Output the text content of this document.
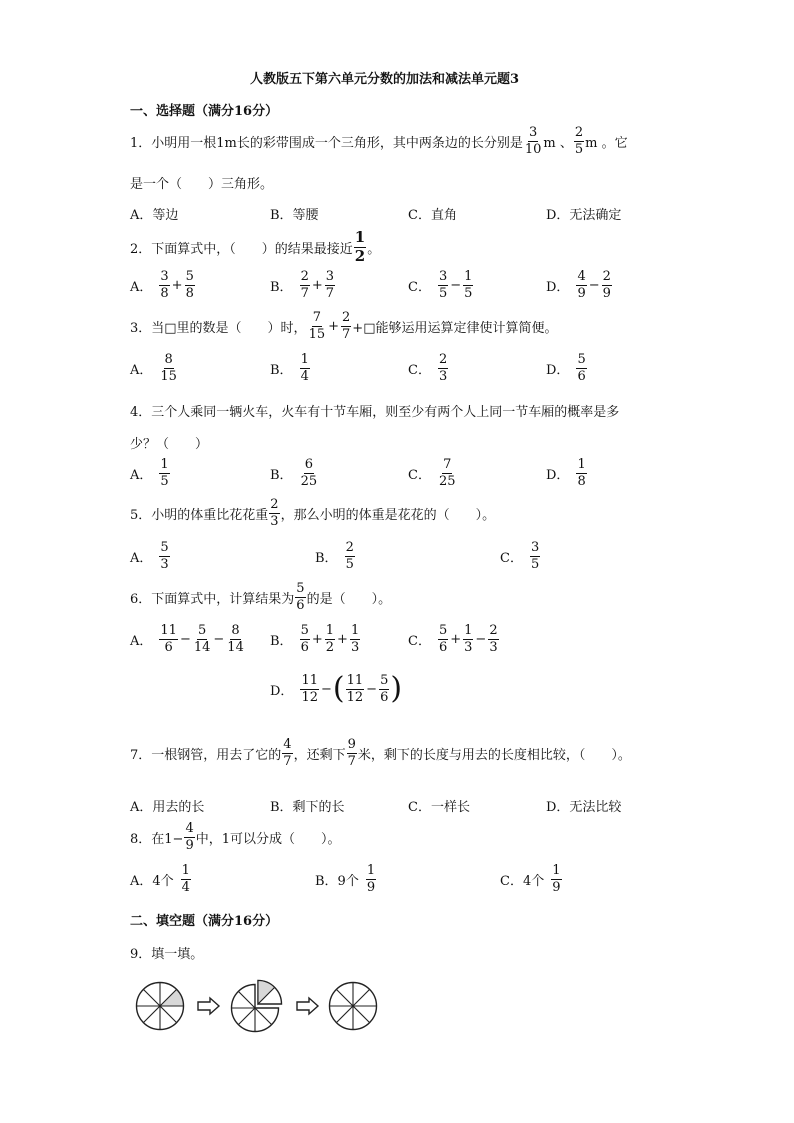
人教版五下第六单元分数的加法和减法单元题3
一、选择题（满分16分）
1．小明用一根1m长的彩带围成一个三角形，其中两条边的长分别是 $\frac{3}{10}$ m 、 $\frac{2}{5}$ m 。它
是一个（　　）三角形。
A．等边	B．等腰	C．直角	D．无法确定
2．下面算式中，（　　）的结果最接近 $\frac{1}{2}$ 。
A． $\frac{3}{8} + \frac{5}{8}$	B． $\frac{2}{7} + \frac{3}{7}$	C． $\frac{3}{5} - \frac{1}{5}$	D． $\frac{4}{9} - \frac{2}{9}$
3．当□里的数是（　　）时， $\frac{7}{15} + \frac{2}{7}$ +□能够运用运算定律使计算简便。
A． $\frac{8}{15}$	B． $\frac{1}{4}$	C． $\frac{2}{3}$	D． $\frac{5}{6}$
4．三个人乘同一辆火车，火车有十节车厢，则至少有两个人上同一节车厢的概率是多
少？（　　）
A． $\frac{1}{5}$	B． $\frac{6}{25}$	C． $\frac{7}{25}$	D． $\frac{1}{8}$
5．小明的体重比花花重 $\frac{2}{3}$ ，那么小明的体重是花花的（　　）。
A． $\frac{5}{3}$	B． $\frac{2}{5}$	C． $\frac{3}{5}$
6．下面算式中，计算结果为 $\frac{5}{6}$ 的是（　　）。
A． $\frac{11}{6} - \frac{5}{14} - \frac{8}{14}$ B． $\frac{5}{6} + \frac{1}{2} + \frac{1}{3}$	C． $\frac{5}{6} + \frac{1}{3} - \frac{2}{3}$
D． $\frac{11}{12}$ − ( $\frac{11}{12} - \frac{5}{6}$ )
7．一根钢管，用去了它的 $\frac{4}{7}$ ，还剩下 $\frac{9}{7}$ 米，剩下的长度与用去的长度相比较，（　　）。
A．用去的长	B．剩下的长	C．一样长	D．无法比较
8．在$1- \frac{4}{9}$ 中，1可以分成（　　）。
A．4个 $\frac{1}{4}$	B．9个 $\frac{1}{9}$	C．4个 $\frac{1}{9}$
二、填空题（满分16分）
9．填一填。
